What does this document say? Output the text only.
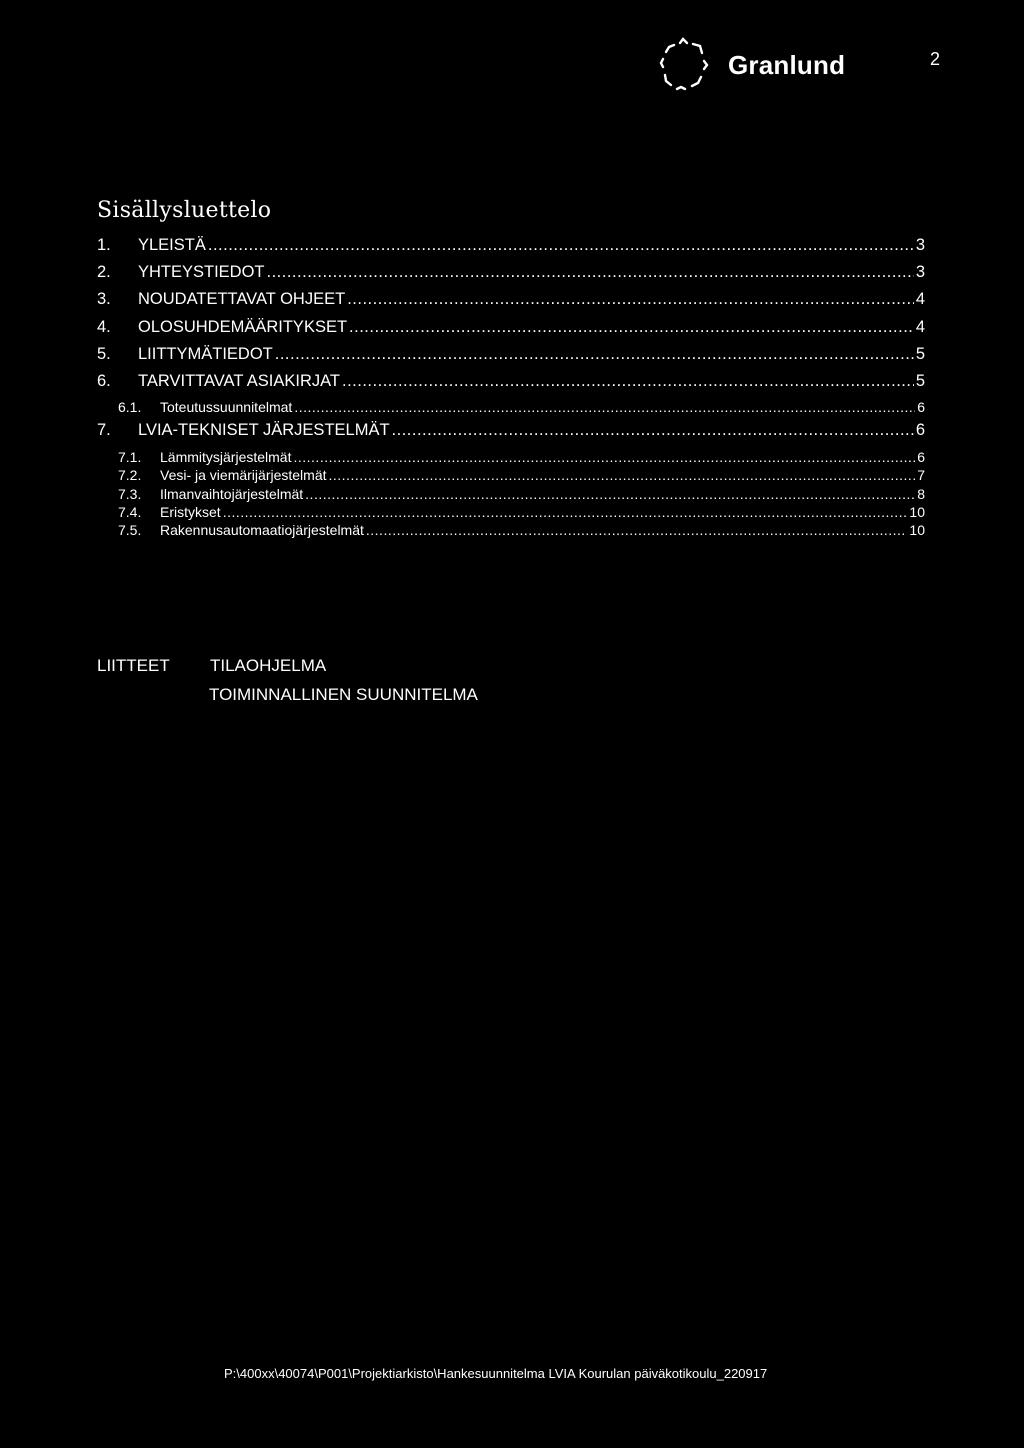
Granlund	2
Sisällysluettelo
1.	YLEISTÄ .....	3
2.	YHTEYSTIEDOT .....	3
3.	NOUDATETTAVAT OHJEET .....	4
4.	OLOSUHDEMÄÄRITYKSET .....	4
5.	LIITTYMÄTIEDOT .....	5
6.	TARVITTAVAT ASIAKIRJAT .....	5
6.1.	Toteutussuunnitelmat .....	6
7.	LVIA-TEKNISET JÄRJESTELMÄT .....	6
7.1.	Lämmitysjärjestelmät .....	6
7.2.	Vesi- ja viemärijärjestelmät .....	7
7.3.	Ilmanvaihtojärjestelmät .....	8
7.4.	Eristykset .....	10
7.5.	Rakennusautomaatiojärjestelmät .....	10
LIITTEET	TILAOHJELMA
TOIMINNALLINEN SUUNNITELMA
P:\400xx\40074\P001\Projektiarkisto\Hankesuunnitelma LVIA Kourulan päiväkotikoulu_220917
